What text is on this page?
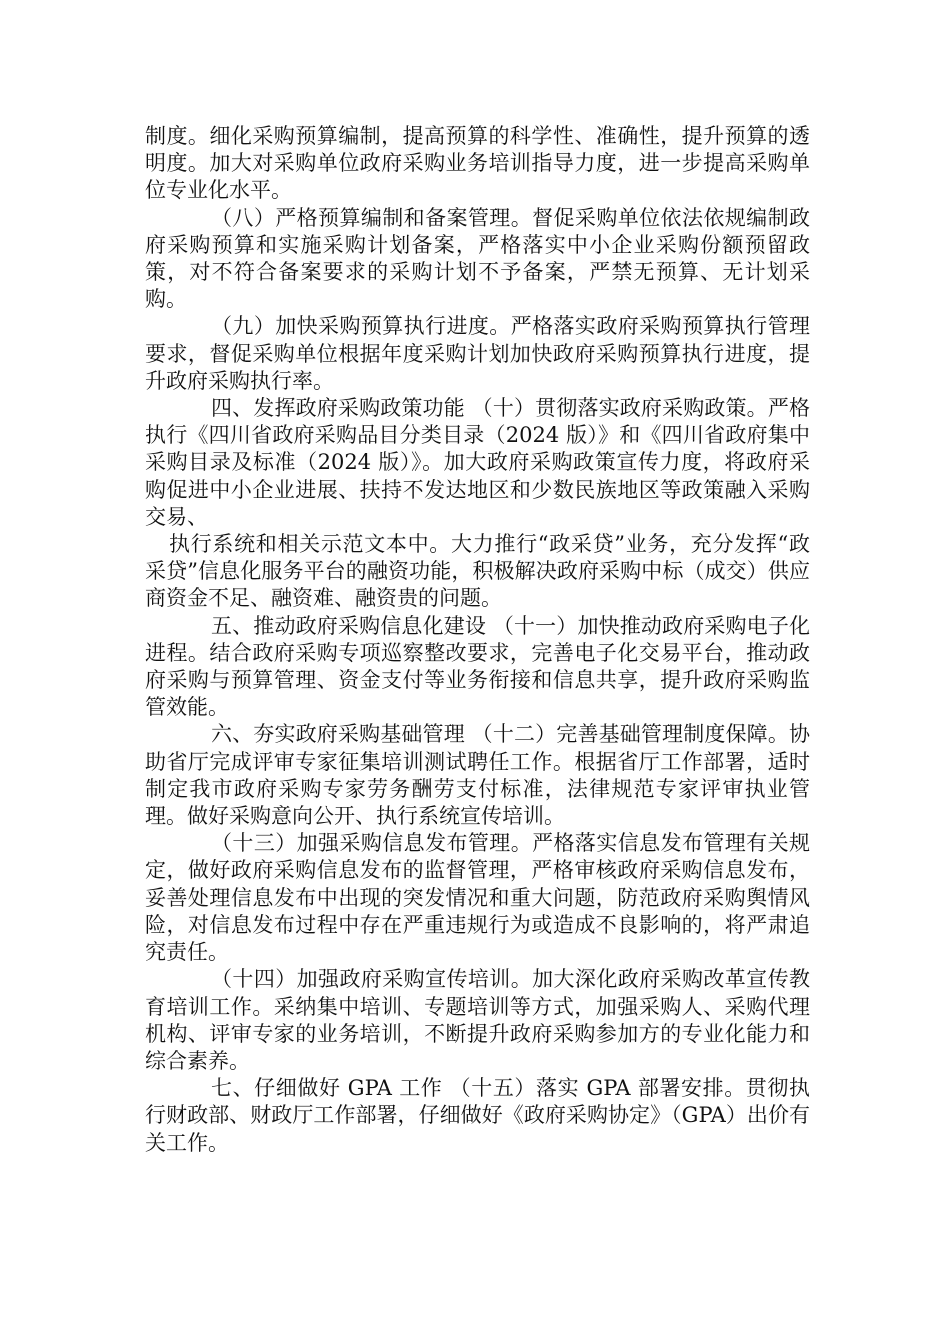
制度。细化采购预算编制，提高预算的科学性、准确性，提升预算的透明度。加大对采购单位政府采购业务培训指导力度，进一步提高采购单位专业化水平。

（八）严格预算编制和备案管理。督促采购单位依法依规编制政府采购预算和实施采购计划备案，严格落实中小企业采购份额预留政策，对不符合备案要求的采购计划不予备案，严禁无预算、无计划采购。

（九）加快采购预算执行进度。严格落实政府采购预算执行管理要求，督促采购单位根据年度采购计划加快政府采购预算执行进度，提升政府采购执行率。

四、发挥政府采购政策功能 （十）贯彻落实政府采购政策。严格执行《四川省政府采购品目分类目录（2024 版）》和《四川省政府集中采购目录及标准（2024 版）》。加大政府采购政策宣传力度，将政府采购促进中小企业进展、扶持不发达地区和少数民族地区等政策融入采购交易、

执行系统和相关示范文本中。大力推行“政采贷”业务，充分发挥“政采贷”信息化服务平台的融资功能，积极解决政府采购中标（成交）供应商资金不足、融资难、融资贵的问题。

五、推动政府采购信息化建设 （十一）加快推动政府采购电子化进程。结合政府采购专项巡察整改要求，完善电子化交易平台，推动政府采购与预算管理、资金支付等业务衔接和信息共享，提升政府采购监管效能。

六、夯实政府采购基础管理 （十二）完善基础管理制度保障。协助省厅完成评审专家征集培训测试聘任工作。根据省厅工作部署，适时制定我市政府采购专家劳务酬劳支付标准，法律规范专家评审执业管理。做好采购意向公开、执行系统宣传培训。

（十三）加强采购信息发布管理。严格落实信息发布管理有关规定，做好政府采购信息发布的监督管理，严格审核政府采购信息发布，妥善处理信息发布中出现的突发情况和重大问题，防范政府采购舆情风险，对信息发布过程中存在严重违规行为或造成不良影响的，将严肃追究责任。

（十四）加强政府采购宣传培训。加大深化政府采购改革宣传教育培训工作。采纳集中培训、专题培训等方式，加强采购人、采购代理机构、评审专家的业务培训，不断提升政府采购参加方的专业化能力和综合素养。

七、仔细做好 GPA 工作 （十五）落实 GPA 部署安排。贯彻执行财政部、财政厅工作部署，仔细做好《政府采购协定》（GPA）出价有关工作。
